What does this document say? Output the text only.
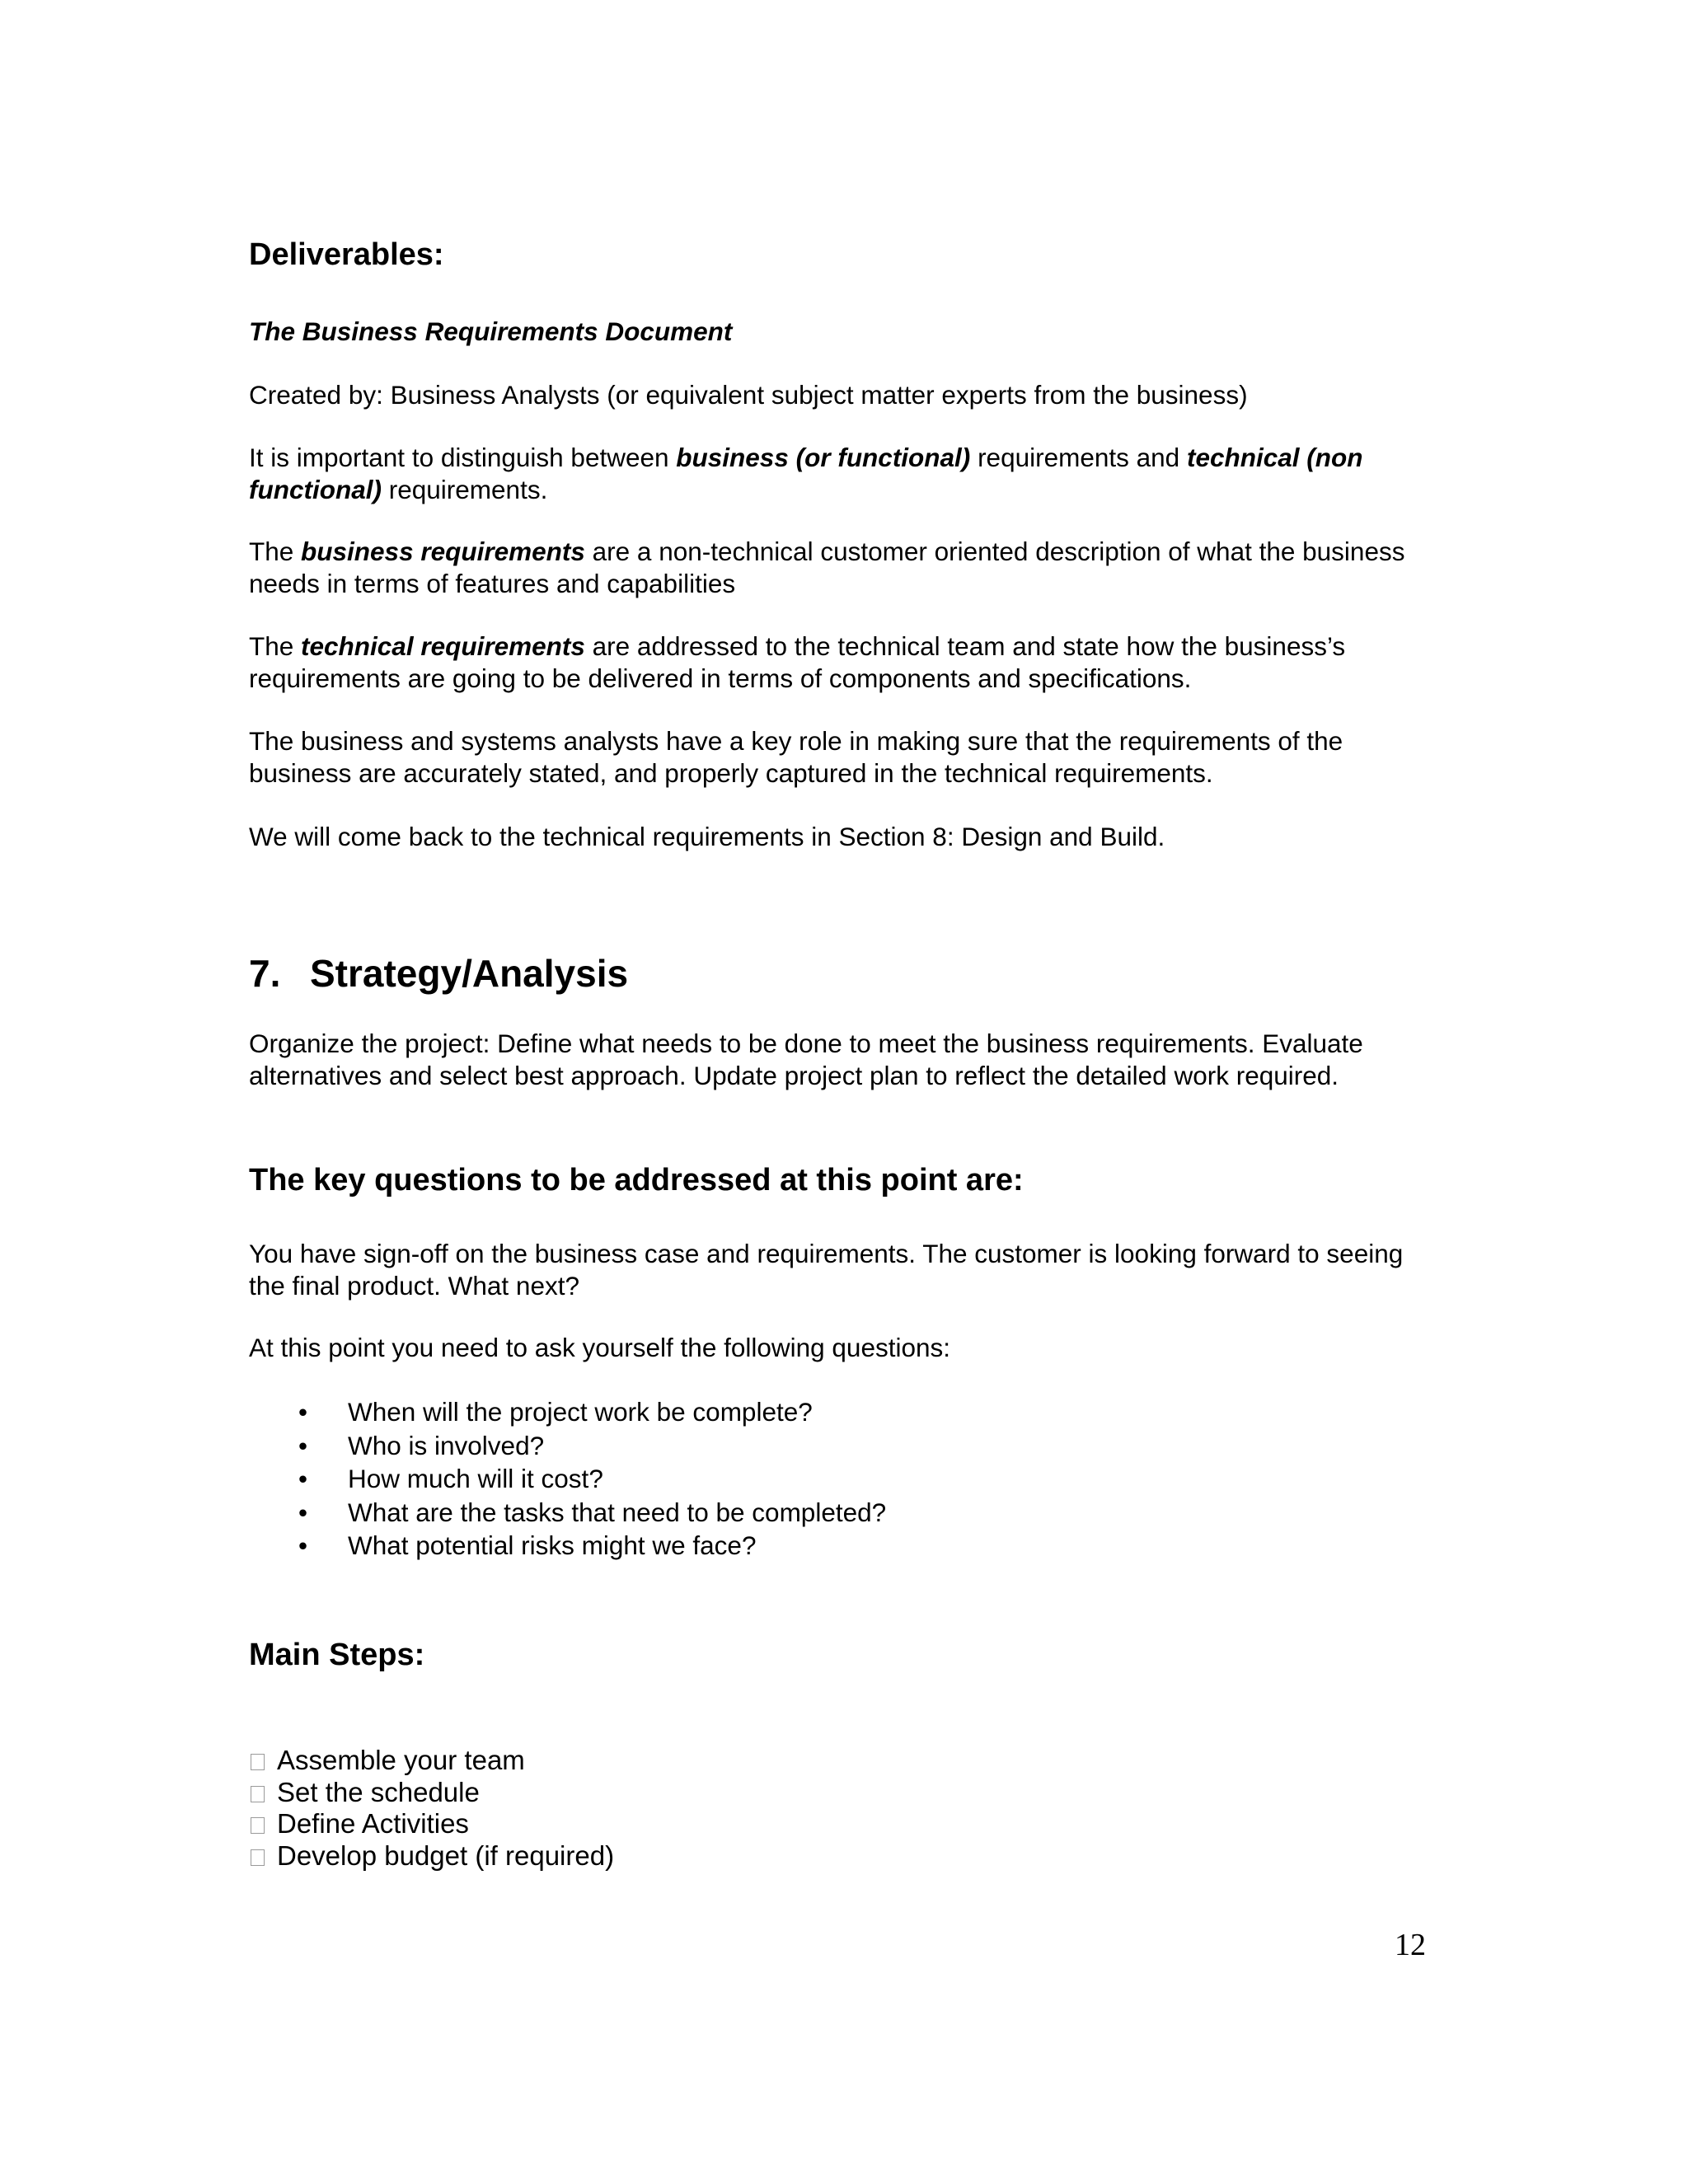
Deliverables:

The Business Requirements Document

Created by: Business Analysts (or equivalent subject matter experts from the business)

It is important to distinguish between business (or functional) requirements and technical (non functional) requirements.

The business requirements are a non-technical customer oriented description of what the business needs in terms of features and capabilities

The technical requirements are addressed to the technical team and state how the business’s requirements are going to be delivered in terms of components and specifications.

The business and systems analysts have a key role in making sure that the requirements of the business are accurately stated, and properly captured in the technical requirements.

We will come back to the technical requirements in Section 8: Design and Build.

7. Strategy/Analysis

Organize the project: Define what needs to be done to meet the business requirements. Evaluate alternatives and select best approach. Update project plan to reflect the detailed work required.

The key questions to be addressed at this point are:

You have sign-off on the business case and requirements. The customer is looking forward to seeing the final product. What next?

At this point you need to ask yourself the following questions:

• When will the project work be complete?
• Who is involved?
• How much will it cost?
• What are the tasks that need to be completed?
• What potential risks might we face?
Main Steps:
Assemble your team
Set the schedule
Define Activities
Develop budget (if required)
12
